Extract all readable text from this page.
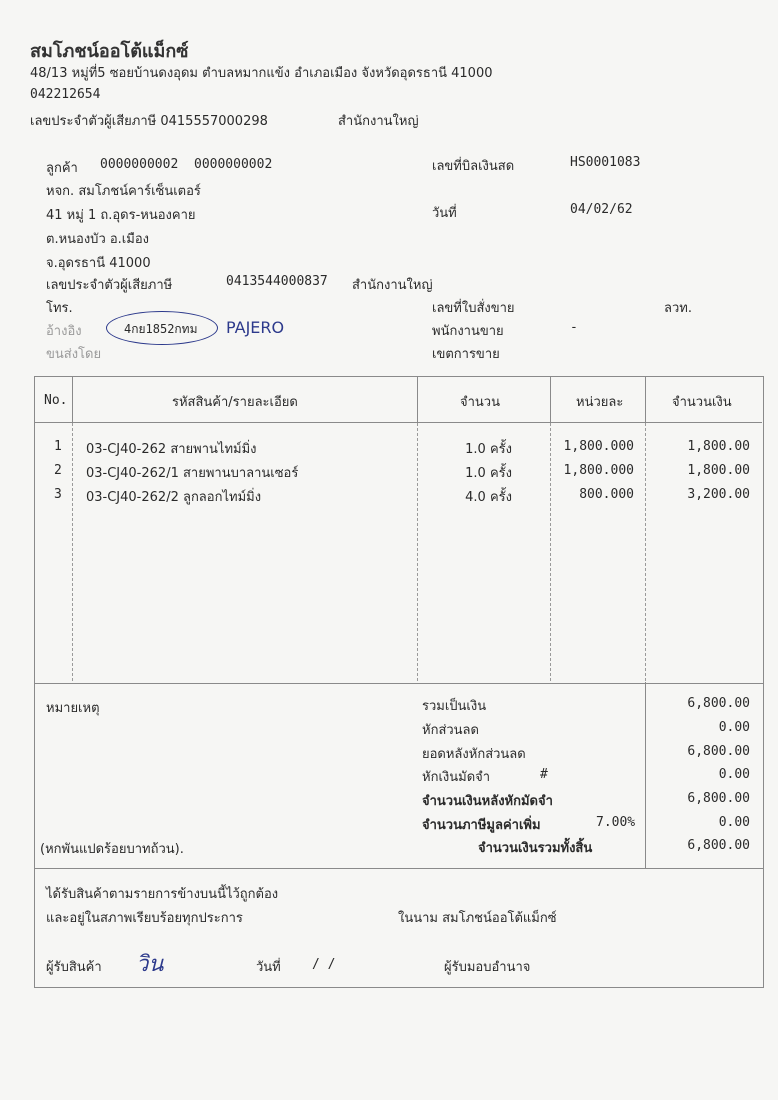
สมโภชน์ออโต้แม็กซ์
48/13 หมู่ที่5 ซอยบ้านดงอุดม ตำบลหมากแข้ง อำเภอเมือง จังหวัดอุดรธานี 41000
042212654
เลขประจำตัวผู้เสียภาษี 0415557000298	สำนักงานใหญ่
ลูกค้า 0000000002 0000000002
หจก. สมโภชน์คาร์เซ็นเตอร์
41 หมู่ 1 ถ.อุดร-หนองคาย
ต.หนองบัว อ.เมือง
จ.อุดรธานี 41000
เลขประจำตัวผู้เสียภาษี	0413544000837 สำนักงานใหญ่
โทร.
อ้างอิง	4กย1852กทม PAJERO
ขนส่งโดย
เลขที่บิลเงินสด	HS0001083
วันที่	04/02/62
เลขที่ใบสั่งขาย	ลวท.
พนักงานขาย	-
เขตการขาย
No.	รหัสสินค้า/รายละเอียด	จำนวน	หน่วยละ	จำนวนเงิน
1 03-CJ40-262 สายพานไทม์มิ่ง	1.0 ครั้ง	1,800.000	1,800.00
2 03-CJ40-262/1 สายพานบาลานเซอร์	1.0 ครั้ง	1,800.000	1,800.00
3 03-CJ40-262/2 ลูกลอกไทม์มิ่ง	4.0 ครั้ง	800.000	3,200.00
หมายเหตุ	รวมเป็นเงิน	6,800.00
หักส่วนลด	0.00
ยอดหลังหักส่วนลด	6,800.00
หักเงินมัดจำ	#	0.00
จำนวนเงินหลังหักมัดจำ	6,800.00
จำนวนภาษีมูลค่าเพิ่ม	7.00%	0.00
(หกพันแปดร้อยบาทถ้วน).	จำนวนเงินรวมทั้งสิ้น	6,800.00
ได้รับสินค้าตามรายการข้างบนนี้ไว้ถูกต้อง
และอยู่ในสภาพเรียบร้อยทุกประการ	ในนาม สมโภชน์ออโต้แม็กซ์
ผู้รับสินค้า วิน	วันที่ / /	ผู้รับมอบอำนาจ
